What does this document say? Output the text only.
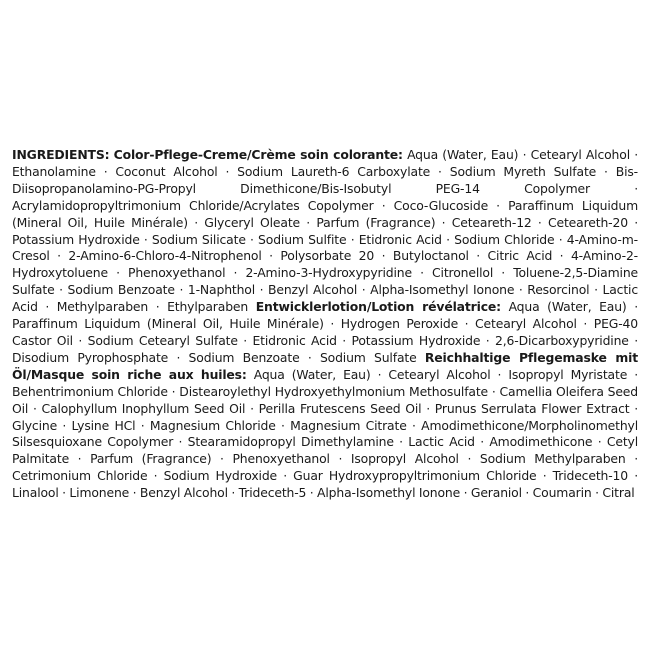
INGREDIENTS: Color-Pflege-Creme/Crème soin colorante: Aqua (Water, Eau) · Cetearyl Alcohol · Ethanolamine · Coconut Alcohol · Sodium Laureth-6 Carboxylate · Sodium Myreth Sulfate · Bis-Diisopropanolamino-PG-Propyl Dimethicone/Bis-Isobutyl PEG-14 Copolymer · Acrylamidopropyltrimonium Chloride/Acrylates Copolymer · Coco-Glucoside · Paraffinum Liquidum (Mineral Oil, Huile Minérale) · Glyceryl Oleate · Parfum (Fragrance) · Ceteareth-12 · Ceteareth-20 · Potassium Hydroxide · Sodium Silicate · Sodium Sulfite · Etidronic Acid · Sodium Chloride · 4-Amino-m-Cresol · 2-Amino-6-Chloro-4-Nitrophenol · Polysorbate 20 · Butyloctanol · Citric Acid · 4-Amino-2-Hydroxytoluene · Phenoxyethanol · 2-Amino-3-Hydroxypyridine · Citronellol · Toluene-2,5-Diamine Sulfate · Sodium Benzoate · 1-Naphthol · Benzyl Alcohol · Alpha-Isomethyl Ionone · Resorcinol · Lactic Acid · Methylparaben · Ethylparaben Entwicklerlotion/Lotion révélatrice: Aqua (Water, Eau) · Paraffinum Liquidum (Mineral Oil, Huile Minérale) · Hydrogen Peroxide · Cetearyl Alcohol · PEG-40 Castor Oil · Sodium Cetearyl Sulfate · Etidronic Acid · Potassium Hydroxide · 2,6-Dicarboxypyridine · Disodium Pyrophosphate · Sodium Benzoate · Sodium Sulfate Reichhaltige Pflegemaske mit Öl/Masque soin riche aux huiles: Aqua (Water, Eau) · Cetearyl Alcohol · Isopropyl Myristate · Behentrimonium Chloride · Distearoylethyl Hydroxyethylmonium Methosulfate · Camellia Oleifera Seed Oil · Calophyllum Inophyllum Seed Oil · Perilla Frutescens Seed Oil · Prunus Serrulata Flower Extract · Glycine · Lysine HCl · Magnesium Chloride · Magnesium Citrate · Amodimethicone/Morpholinomethyl Silsesquioxane Copolymer · Stearamidopropyl Dimethylamine · Lactic Acid · Amodimethicone · Cetyl Palmitate · Parfum (Fragrance) · Phenoxyethanol · Isopropyl Alcohol · Sodium Methylparaben · Cetrimonium Chloride · Sodium Hydroxide · Guar Hydroxypropyltrimonium Chloride · Trideceth-10 · Linalool · Limonene · Benzyl Alcohol · Trideceth-5 · Alpha-Isomethyl Ionone · Geraniol · Coumarin · Citral
